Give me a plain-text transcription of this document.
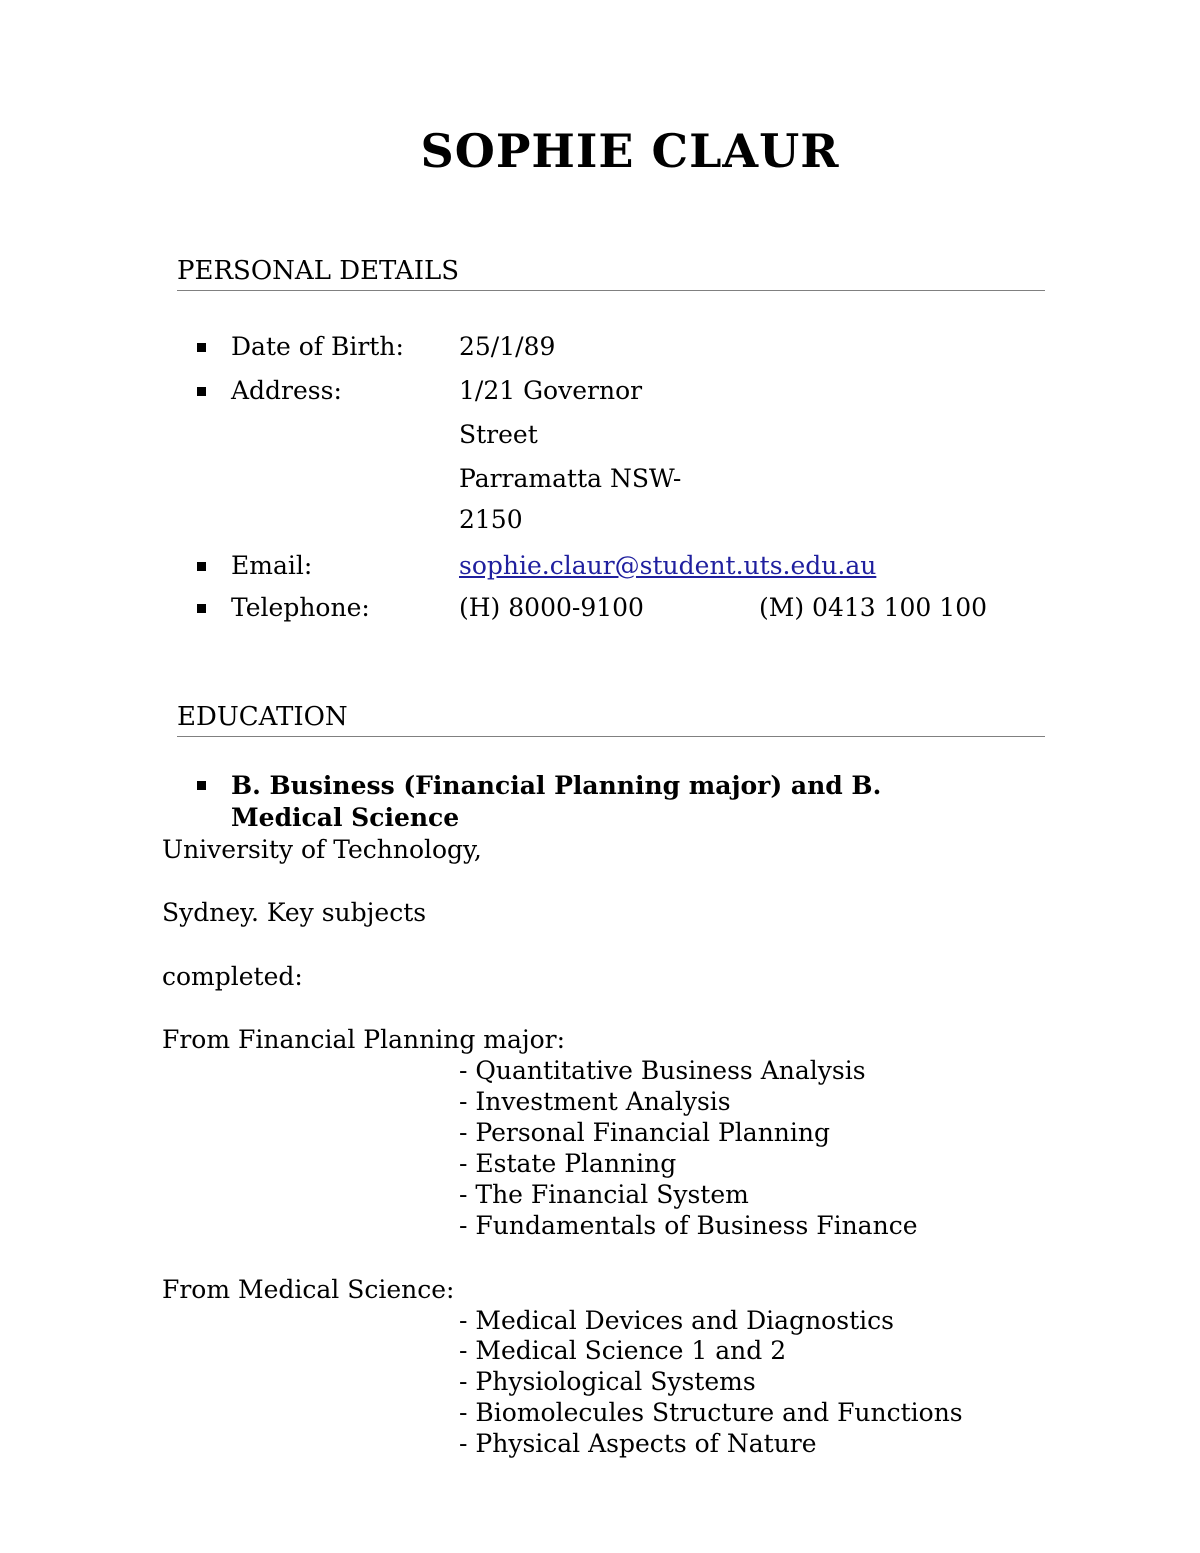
SOPHIE CLAUR
PERSONAL DETAILS
Date of Birth: 25/1/89
Address:	1/21 Governor
Street
Parramatta NSW-
2150
Email:	sophie.claur@student.uts.edu.au
Telephone:	(H) 8000-9100	(M) 0413 100 100
EDUCATION
B. Business (Financial Planning major) and B.
Medical Science
University of Technology,
Sydney. Key subjects
completed:
From Financial Planning major:
- Quantitative Business Analysis
- Investment Analysis
- Personal Financial Planning
- Estate Planning
- The Financial System
- Fundamentals of Business Finance
From Medical Science:
- Medical Devices and Diagnostics
- Medical Science 1 and 2
- Physiological Systems
- Biomolecules Structure and Functions
- Physical Aspects of Nature
